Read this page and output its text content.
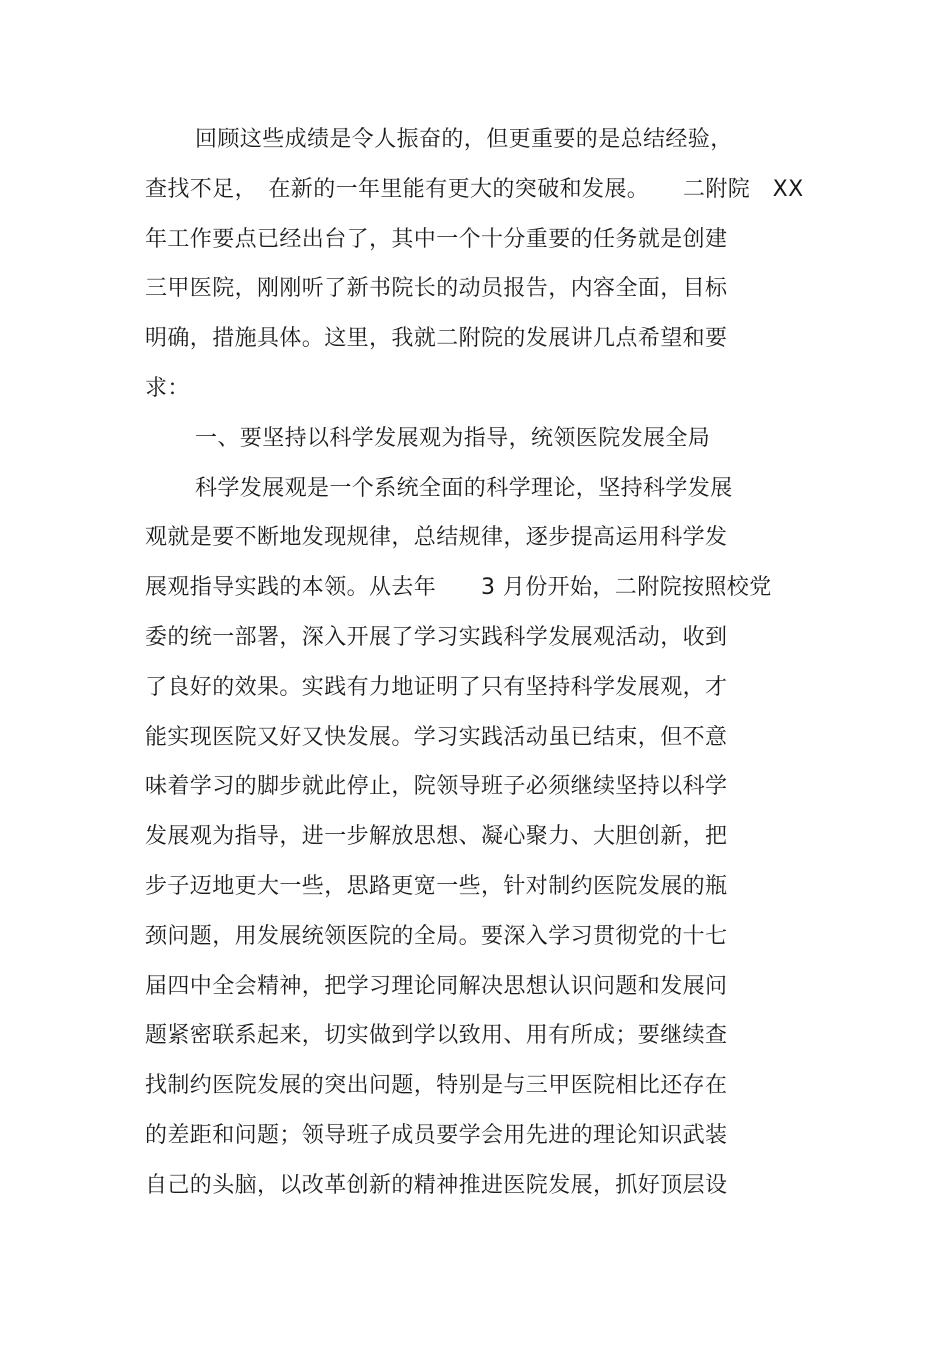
回顾这些成绩是令人振奋的，但更重要的是总结经验，
查找不足，　在新的一年里能有更大的突破和发展。　　二附院　XX
年工作要点已经出台了，其中一个十分重要的任务就是创建
三甲医院，刚刚听了新书院长的动员报告，内容全面，目标
明确，措施具体。这里，我就二附院的发展讲几点希望和要
求：
一、要坚持以科学发展观为指导，统领医院发展全局
科学发展观是一个系统全面的科学理论，坚持科学发展
观就是要不断地发现规律，总结规律，逐步提高运用科学发
展观指导实践的本领。从去年　　3 月份开始，二附院按照校党
委的统一部署，深入开展了学习实践科学发展观活动，收到
了良好的效果。实践有力地证明了只有坚持科学发展观，才
能实现医院又好又快发展。学习实践活动虽已结束，但不意
味着学习的脚步就此停止，院领导班子必须继续坚持以科学
发展观为指导，进一步解放思想、凝心聚力、大胆创新，把
步子迈地更大一些，思路更宽一些，针对制约医院发展的瓶
颈问题，用发展统领医院的全局。要深入学习贯彻党的十七
届四中全会精神，把学习理论同解决思想认识问题和发展问
题紧密联系起来，切实做到学以致用、用有所成；要继续查
找制约医院发展的突出问题，特别是与三甲医院相比还存在
的差距和问题；领导班子成员要学会用先进的理论知识武装
自己的头脑，以改革创新的精神推进医院发展，抓好顶层设
